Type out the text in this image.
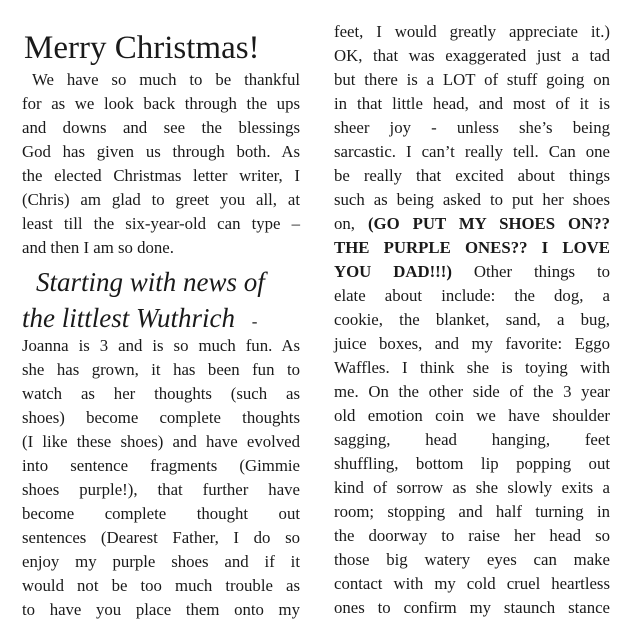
Merry Christmas!
We have so much to be thankful
for as we look back through the ups
and downs and see the blessings
God has given us through both. As
the elected Christmas letter writer, I
(Chris) am glad to greet you all, at
least till the six-year-old can type –
and then I am so done.
Starting with news of
the littlest Wuthrich -
Joanna is 3 and is so much fun. As
she has grown, it has been fun to
watch as her thoughts (such as
shoes) become complete thoughts
(I like these shoes) and have evolved
into sentence fragments (Gimmie
shoes purple!), that further have
become complete thought out
sentences (Dearest Father, I do so
enjoy my purple shoes and if it
would not be too much trouble as
to have you place them onto my
feet, I would greatly appreciate it.)
OK, that was exaggerated just a tad
but there is a LOT of stuff going on
in that little head, and most of it is
sheer joy - unless she’s being
sarcastic. I can’t really tell. Can one
be really that excited about things
such as being asked to put her shoes
on, (GO PUT MY SHOES ON??
THE PURPLE ONES?? I LOVE
YOU DAD!!!) Other things to
elate about include: the dog, a
cookie, the blanket, sand, a bug,
juice boxes, and my favorite: Eggo
Waffles. I think she is toying with
me. On the other side of the 3 year
old emotion coin we have shoulder
sagging, head hanging, feet
shuffling, bottom lip popping out
kind of sorrow as she slowly exits a
room; stopping and half turning in
the doorway to raise her head so
those big watery eyes can make
contact with my cold cruel heartless
ones to confirm my staunch stance
